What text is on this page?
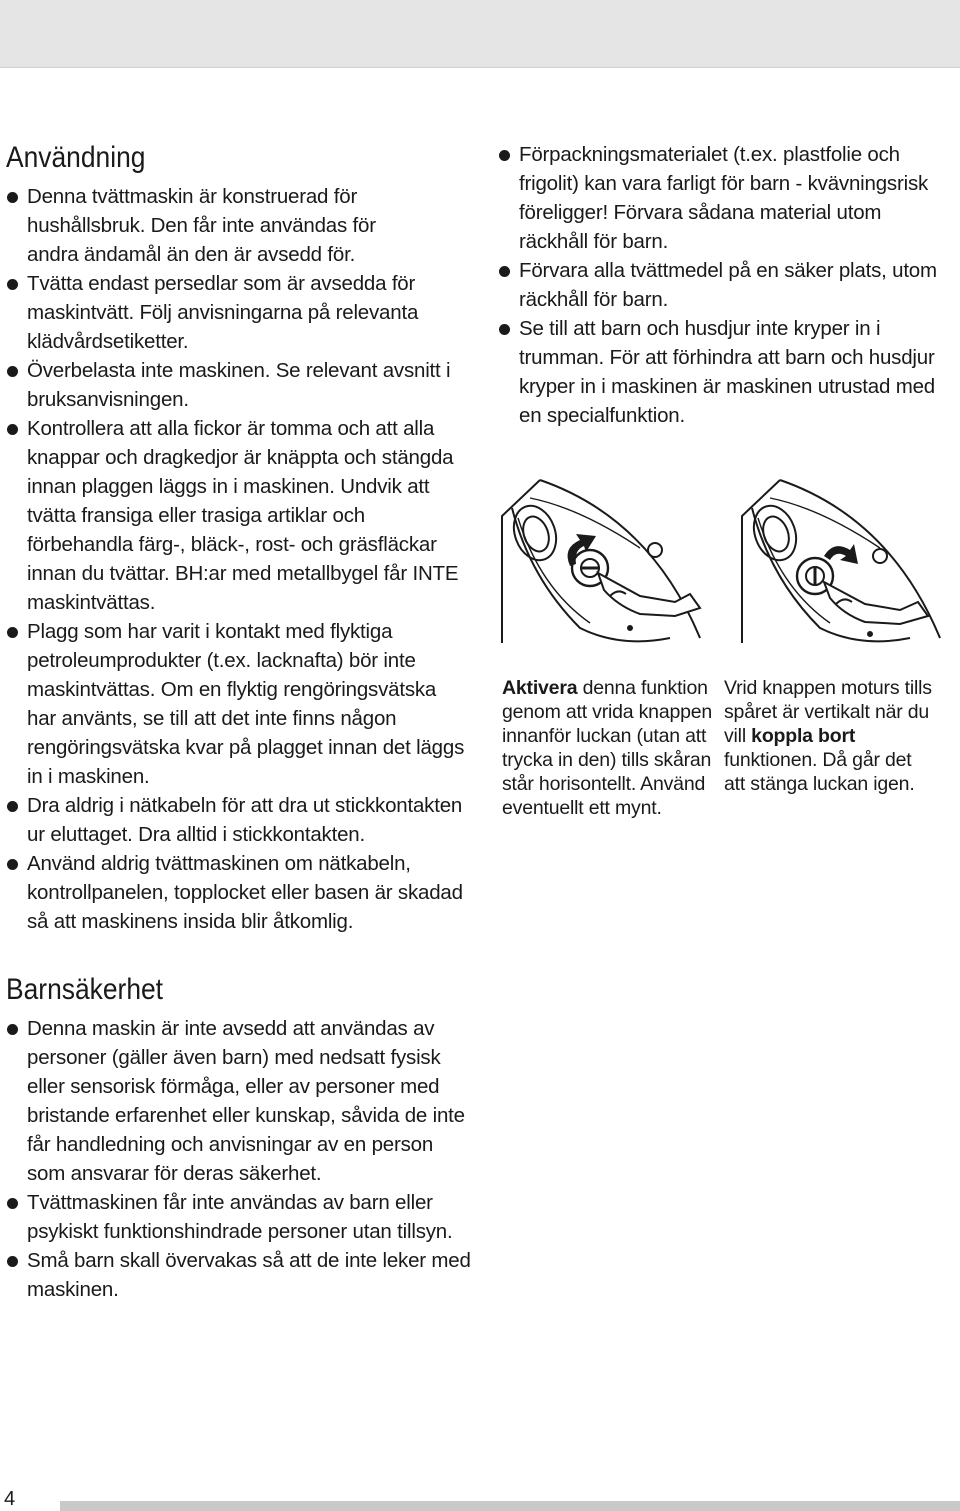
Användning
Denna tvättmaskin är konstruerad för hushållsbruk. Den får inte användas för andra ändamål än den är avsedd för.
Tvätta endast persedlar som är avsedda för maskintvätt. Följ anvisningarna på relevanta klädvårdsetiketter.
Överbelasta inte maskinen. Se relevant avsnitt i bruksanvisningen.
Kontrollera att alla fickor är tomma och att alla knappar och dragkedjor är knäppta och stängda innan plaggen läggs in i maskinen. Undvik att tvätta fransiga eller trasiga artiklar och förbehandla färg-, bläck-, rost- och gräsfläckar innan du tvättar. BH:ar med metallbygel får INTE maskintvättas.
Plagg som har varit i kontakt med flyktiga petroleumprodukter (t.ex. lacknafta) bör inte maskintvättas. Om en flyktig rengöringsvätska har använts, se till att det inte finns någon rengöringsvätska kvar på plagget innan det läggs in i maskinen.
Dra aldrig i nätkabeln för att dra ut stickkontakten ur eluttaget. Dra alltid i stickkontakten.
Använd aldrig tvättmaskinen om nätkabeln, kontrollpanelen, topplocket eller basen är skadad så att maskinens insida blir åtkomlig.
Barnsäkerhet
Denna maskin är inte avsedd att användas av personer (gäller även barn) med nedsatt fysisk eller sensorisk förmåga, eller av personer med bristande erfarenhet eller kunskap, såvida de inte får handledning och anvisningar av en person som ansvarar för deras säkerhet.
Tvättmaskinen får inte användas av barn eller psykiskt funktionshindrade personer utan tillsyn.
Små barn skall övervakas så att de inte leker med maskinen.
Förpackningsmaterialet (t.ex. plastfolie och frigolit) kan vara farligt för barn - kvävningsrisk föreligger! Förvara sådana material utom räckhåll för barn.
Förvara alla tvättmedel på en säker plats, utom räckhåll för barn.
Se till att barn och husdjur inte kryper in i trumman. För att förhindra att barn och husdjur kryper in i maskinen är maskinen utrustad med en specialfunktion.
Aktivera denna funktion genom att vrida knappen innanför luckan (utan att trycka in den) tills skåran står horisontellt. Använd eventuellt ett mynt.
Vrid knappen moturs tills spåret är vertikalt när du vill koppla bort funktionen. Då går det att stänga luckan igen.
4
